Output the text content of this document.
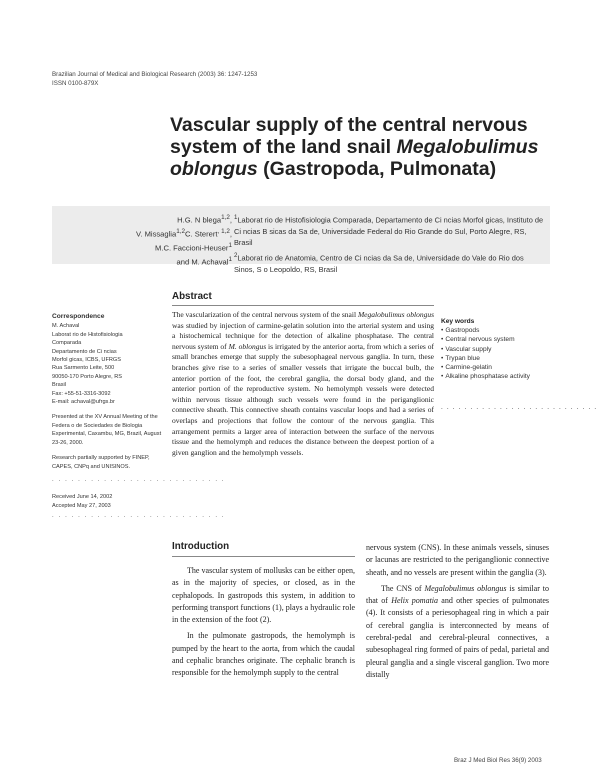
Brazilian Journal of Medical and Biological Research (2003) 36: 1247-1253
ISSN 0100-879X
Vascular supply of the central nervous system of the land snail Megalobulimus oblongus (Gastropoda, Pulmonata)
H.G. N blega$^{1,2}$,
V. Missaglia$^{1,2}$C. Sterert$^{, 1,2}$,
M.C. Faccioni-Heuser$^1$
and M. Achaval$^1$
$^1$Laborat rio de Histofisiologia Comparada, Departamento de Ci ncias Morfol gicas, Instituto de Ci ncias B sicas da Sa de, Universidade Federal do Rio Grande do Sul, Porto Alegre, RS, Brasil
$^2$Laborat rio de Anatomia, Centro de Ci ncias da Sa de, Universidade do Vale do Rio dos Sinos, S o Leopoldo, RS, Brasil
Correspondence

M. Achaval
Laborat rio de Histofisiologia
Comparada
Departamento de Ci ncias
Morfol gicas, ICBS, UFRGS
Rua Sarmento Leite, 500
90050-170 Porto Alegre, RS
Brasil
Fax: +55-51-3316-3092
E-mail: achaval@ufrgs.br

Presented at the XV Annual Meeting of the Federa o de Sociedades de Biologia Experimental, Caxambu, MG, Brazil, August 23-26, 2000.

Research partially supported by FINEP, CAPES, CNPq and UNISINOS.

. . . . . . . . . . . . . . . . . . . . . . . . . . .
Received June 14, 2002
Accepted May 27, 2003
. . . . . . . . . . . . . . . . . . . . . . . . . . .
Abstract
The vascularization of the central nervous system of the snail Megalobulimus oblongus was studied by injection of carmine-gelatin solution into the arterial system and using a histochemical technique for the detection of alkaline phosphatase. The central nervous system of M. oblongus is irrigated by the anterior aorta, from which a series of small branches emerge that supply the subesophageal nervous ganglia. In turn, these branches give rise to a series of smaller vessels that irrigate the buccal bulb, the anterior portion of the foot, the cerebral ganglia, the dorsal body gland, and the anterior portion of the reproductive system. No hemolymph vessels were detected within nervous tissue although such vessels were found in the periganglionic connective sheath. This connective sheath contains vascular loops and had a series of overlaps and projections that follow the contour of the nervous ganglia. This arrangement permits a larger area of interaction between the surface of the nervous tissue and the hemolymph and reduces the distance between the deepest portion of a given ganglion and the hemolymph vessels.
Key words
• Gastropods
• Central nervous system
• Vascular supply
• Trypan blue
• Carmine-gelatin
• Alkaline phosphatase activity
. . . . . . . . . . . . . . . . . . . . . . . . . . .
Introduction

The vascular system of mollusks can be either open, as in the majority of species, or closed, as in the cephalopods. In gastropods this system, in addition to performing transport functions (1), plays a hydraulic role in the extension of the foot (2).

In the pulmonate gastropods, the hemolymph is pumped by the heart to the aorta, from which the caudal and cephalic branches originate. The cephalic branch is responsible for the hemolymph supply to the central

nervous system (CNS). In these animals vessels, sinuses or lacunas are restricted to the periganglionic connective sheath, and no vessels are present within the ganglia (3).

The CNS of Megalobulimus oblongus is similar to that of Helix pomatia and other species of pulmonates (4). It consists of a periesophageal ring in which a pair of cerebral ganglia is interconnected by means of cerebral-pedal and cerebral-pleural connectives, a subesophageal ring formed of pairs of pedal, parietal and pleural ganglia and a single visceral ganglion. Two more distally

Braz J Med Biol Res 36(9) 2003
